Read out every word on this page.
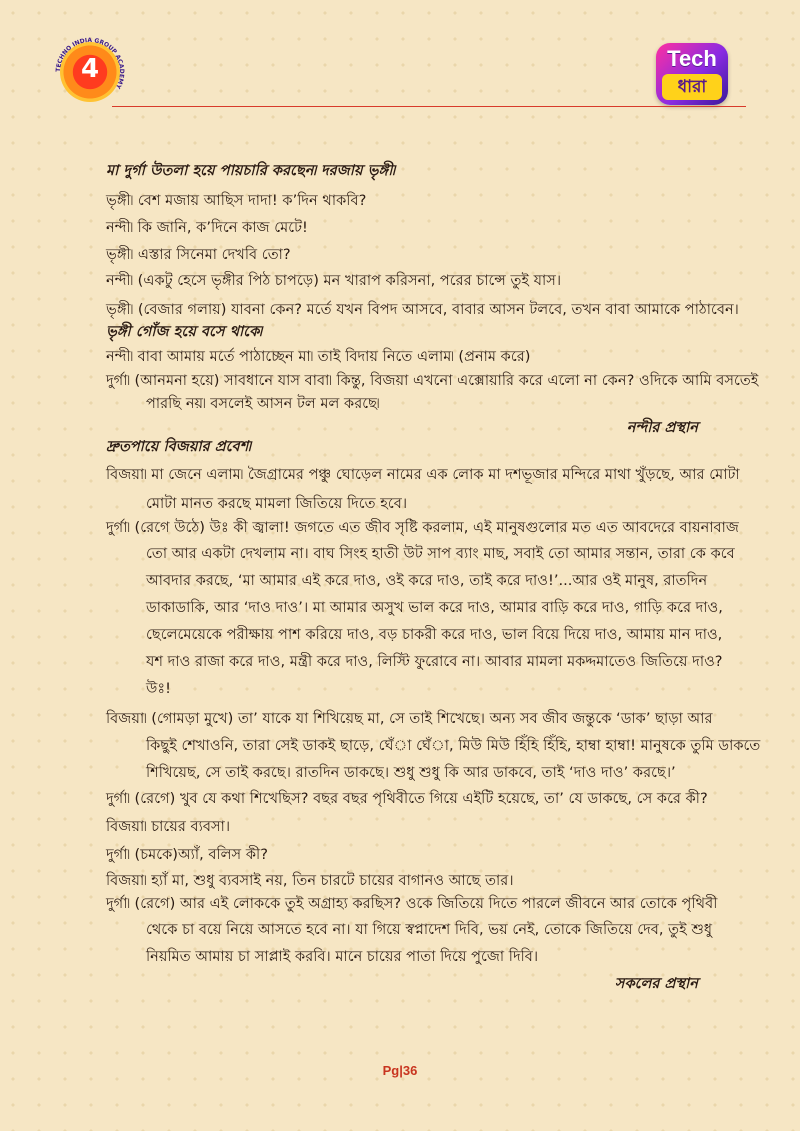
4
TECHNO INDIA GROUP ACADEMY
Tech
ধারা
মা দুর্গা উতলা হয়ে পায়চারি করছেন৷ দরজায় ভৃঙ্গী৷
ভৃঙ্গী৷ বেশ মজায় আছিস দাদা! ক’দিন থাকবি?
নন্দী৷ কি জানি, ক’দিনে কাজ মেটে!
ভৃঙ্গী৷ এস্তার সিনেমা দেখবি তো?
নন্দী৷ (একটু হেসে ভৃঙ্গীর পিঠ চাপড়ে) মন খারাপ করিসনা, পরের চান্সে তুই যাস।
ভৃঙ্গী৷ (বেজার গলায়) যাবনা কেন? মর্তে যখন বিপদ আসবে, বাবার আসন টলবে, তখন বাবা আমাকে পাঠাবেন।
ভৃঙ্গী গোঁজ হয়ে বসে থাকে৷
নন্দী৷ বাবা আমায় মর্তে পাঠাচ্ছেন মা৷ তাই বিদায় নিতে এলাম৷ (প্রনাম করে)
দুর্গা৷ (আনমনা হয়ে) সাবধানে যাস বাবা৷ কিন্তু, বিজয়া এখনো এক্সোয়ারি করে এলো না কেন? ওদিকে আমি বসতেই
পারছি নয়৷ বসলেই আসন টল মল করছে৷
নন্দীর প্রস্থান
দ্রুতপায়ে বিজয়ার প্রবেশ৷
বিজয়া৷ মা জেনে এলাম৷ জৈগ্রামের পঞ্চু ঘোড়েল নামের এক লোক মা দশভূজার মন্দিরে মাথা খুঁড়ছে, আর মোটা
মোটা মানত করছে মামলা জিতিয়ে দিতে হবে।
দুর্গা৷ (রেগে উঠে) উঃ কী জ্বালা! জগতে এত জীব সৃষ্টি করলাম, এই মানুষগুলোর মত এত আবদেরে বায়নাবাজ
তো আর একটা দেখলাম না। বাঘ সিংহ হাতী উট সাপ ব্যাং মাছ, সবাই তো আমার সন্তান, তারা কে কবে
আবদার করছে, ‘মা আমার এই করে দাও, ওই করে দাও, তাই করে দাও!’...আর ওই মানুষ, রাতদিন
ডাকাডাকি, আর ‘দাও দাও’। মা আমার অসুখ ভাল করে দাও, আমার বাড়ি করে দাও, গাড়ি করে দাও,
ছেলেমেয়েকে পরীক্ষায় পাশ করিয়ে দাও, বড় চাকরী করে দাও, ভাল বিয়ে দিয়ে দাও, আমায় মান দাও,
যশ দাও রাজা করে দাও, মন্ত্রী করে দাও, লিস্টি ফুরোবে না। আবার মামলা মকদ্দমাতেও জিতিয়ে দাও?
উঃ!
বিজয়া৷ (গোমড়া মুখে) তা’ যাকে যা শিখিয়েছ মা, সে তাই শিখেছে। অন্য সব জীব জন্তুকে ‘ডাক’ ছাড়া আর
কিছুই শেখাওনি, তারা সেই ডাকই ছাড়ে, ঘেঁা ঘেঁা, মিউ মিউ হিঁহি হিঁহি, হাম্বা হাম্বা! মানুষকে তুমি ডাকতে
শিখিয়েছ, সে তাই করছে। রাতদিন ডাকছে। শুধু শুধু কি আর ডাকবে, তাই ‘দাও দাও’ করছে।’
দুর্গা৷ (রেগে) খুব যে কথা শিখেছিস? বছর বছর পৃথিবীতে গিয়ে এইটি হয়েছে, তা’ যে ডাকছে, সে করে কী?
বিজয়া৷ চায়ের ব্যবসা।
দুর্গা৷ (চমকে)অ্যাঁ, বলিস কী?
বিজয়া৷ হ্যাঁ মা, শুধু ব্যবসাই নয়, তিন চারটে চায়ের বাগানও আছে তার।
দুর্গা৷ (রেগে) আর এই লোককে তুই অগ্রাহ্য করছিস? ওকে জিতিয়ে দিতে পারলে জীবনে আর তোকে পৃথিবী
থেকে চা বয়ে নিয়ে আসতে হবে না। যা গিয়ে স্বপ্নাদেশ দিবি, ভয় নেই, তোকে জিতিয়ে দেব, তুই শুধু
নিয়মিত আমায় চা সাপ্লাই করবি। মানে চায়ের পাতা দিয়ে পুজো দিবি।
সকলের প্রস্থান
Pg|36
